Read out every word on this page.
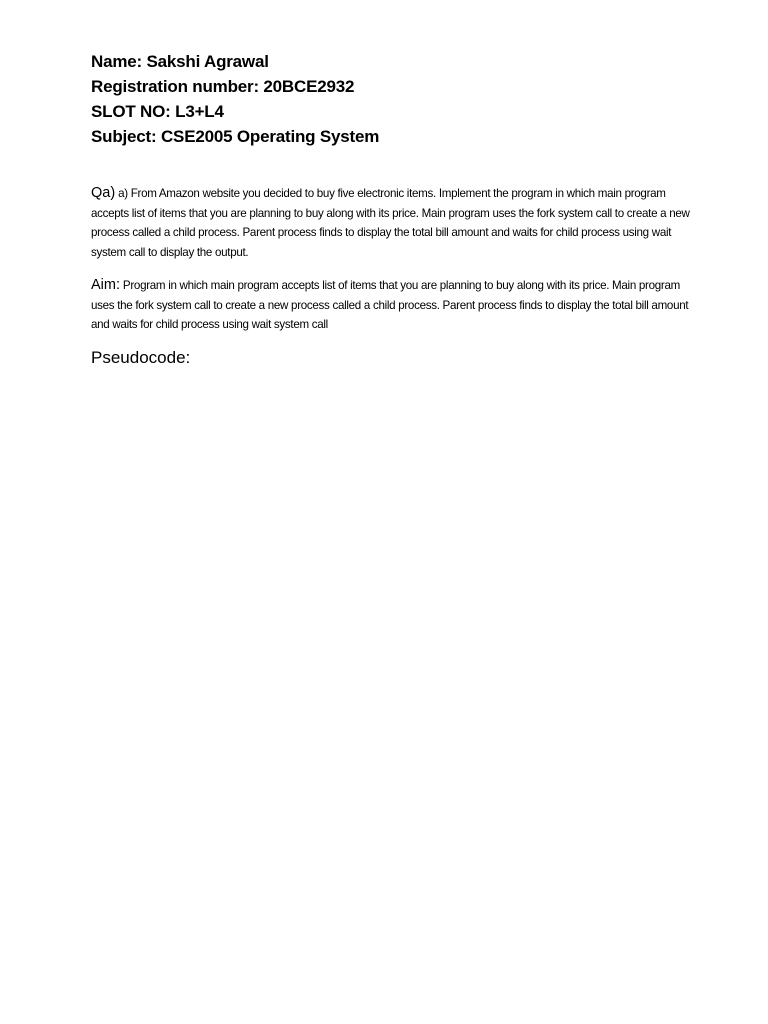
Name: Sakshi Agrawal
Registration number: 20BCE2932
SLOT NO: L3+L4
Subject: CSE2005 Operating System
Qa) a) From Amazon website you decided to buy five electronic items. Implement the program in which main program accepts list of items that you are planning to buy along with its price. Main program uses the fork system call to create a new process called a child process. Parent process finds to display the total bill amount and waits for child process using wait system call to display the output.
Aim: Program in which main program accepts list of items that you are planning to buy along with its price. Main program uses the fork system call to create a new process called a child process. Parent process finds to display the total bill amount and waits for child process using wait system call
Pseudocode:
